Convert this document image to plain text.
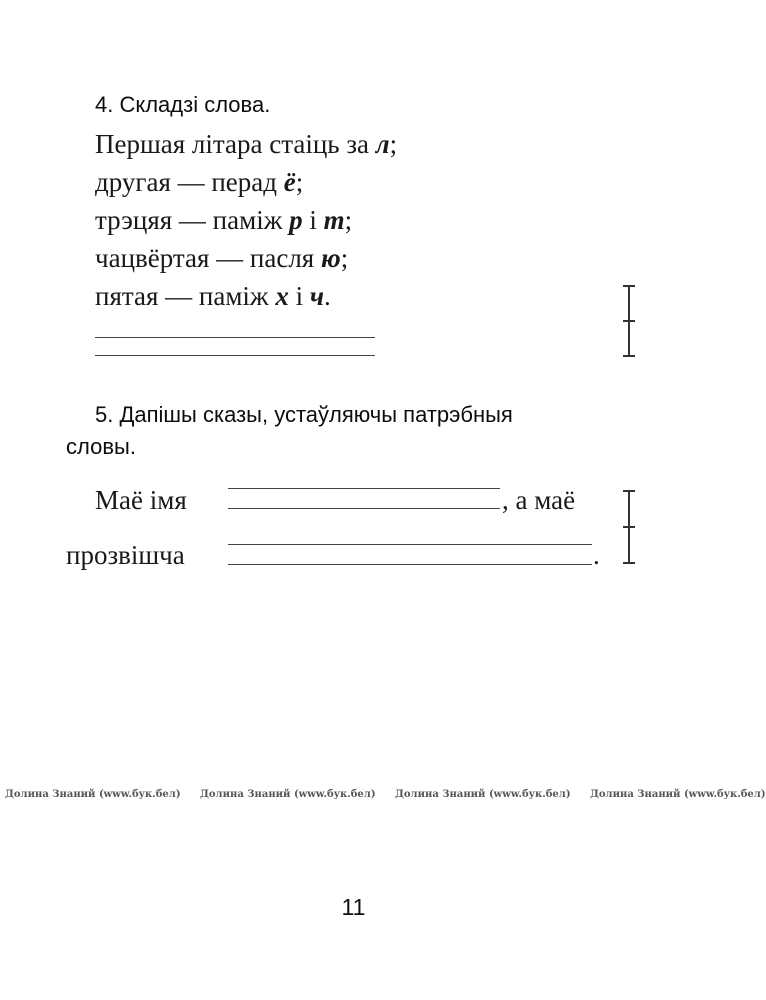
4. Складзі слова.
Першая літара стаіць за л;
другая — перад ё;
трэцяя — паміж р і т;
чацвёртая — пасля ю;
пятая — паміж х і ч.
5. Дапішы сказы, устаўляючы патрэбныя
словы.
Маё імя	, а маё
прозвішча	.
Долина Знаний (www.бук.бел) Долина Знаний (www.бук.бел) Долина Знаний (www.бук.бел) Долина Знаний (www.бук.бел)
11
